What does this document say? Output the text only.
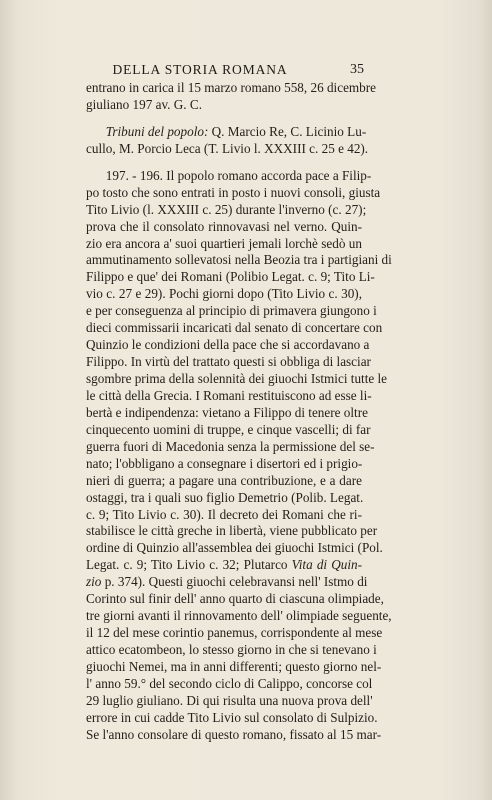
DELLA STORIA ROMANA	35
entrano in carica il 15 marzo romano 558, 26 dicembre
giuliano 197 av. G. C.
Tribuni del popolo: Q. Marcio Re, C. Licinio Lu-
cullo, M. Porcio Leca (T. Livio l. XXXIII c. 25 e 42).
197. - 196. Il popolo romano accorda pace a Filip-
po tosto che sono entrati in posto i nuovi consoli, giusta
Tito Livio (l. XXXIII c. 25) durante l'inverno (c. 27);
prova che il consolato rinnovavasi nel verno. Quin-
zio era ancora a' suoi quartieri jemali lorchè sedò un
ammutinamento sollevatosi nella Beozia tra i partigiani di
Filippo e que' dei Romani (Polibio Legat. c. 9; Tito Li-
vio c. 27 e 29). Pochi giorni dopo (Tito Livio c. 30),
e per conseguenza al principio di primavera giungono i
dieci commissarii incaricati dal senato di concertare con
Quinzio le condizioni della pace che si accordavano a
Filippo. In virtù del trattato questi si obbliga di lasciar
sgombre prima della solennità dei giuochi Istmici tutte le
le città della Grecia. I Romani restituiscono ad esse li-
bertà e indipendenza: vietano a Filippo di tenere oltre
cinquecento uomini di truppe, e cinque vascelli; di far
guerra fuori di Macedonia senza la permissione del se-
nato; l'obbligano a consegnare i disertori ed i prigio-
nieri di guerra; a pagare una contribuzione, e a dare
ostaggi, tra i quali suo figlio Demetrio (Polib. Legat.
c. 9; Tito Livio c. 30). Il decreto dei Romani che ri-
stabilisce le città greche in libertà, viene pubblicato per
ordine di Quinzio all'assemblea dei giuochi Istmici (Pol.
Legat. c. 9; Tito Livio c. 32; Plutarco Vita di Quin-
zio p. 374). Questi giuochi celebravansi nell' Istmo di
Corinto sul finir dell' anno quarto di ciascuna olimpiade,
tre giorni avanti il rinnovamento dell' olimpiade seguente,
il 12 del mese corintio panemus, corrispondente al mese
attico ecatombeon, lo stesso giorno in che si tenevano i
giuochi Nemei, ma in anni differenti; questo giorno nel-
l' anno 59.° del secondo ciclo di Calippo, concorse col
29 luglio giuliano. Di qui risulta una nuova prova dell'
errore in cui cadde Tito Livio sul consolato di Sulpizio.
Se l'anno consolare di questo romano, fissato al 15 mar-
